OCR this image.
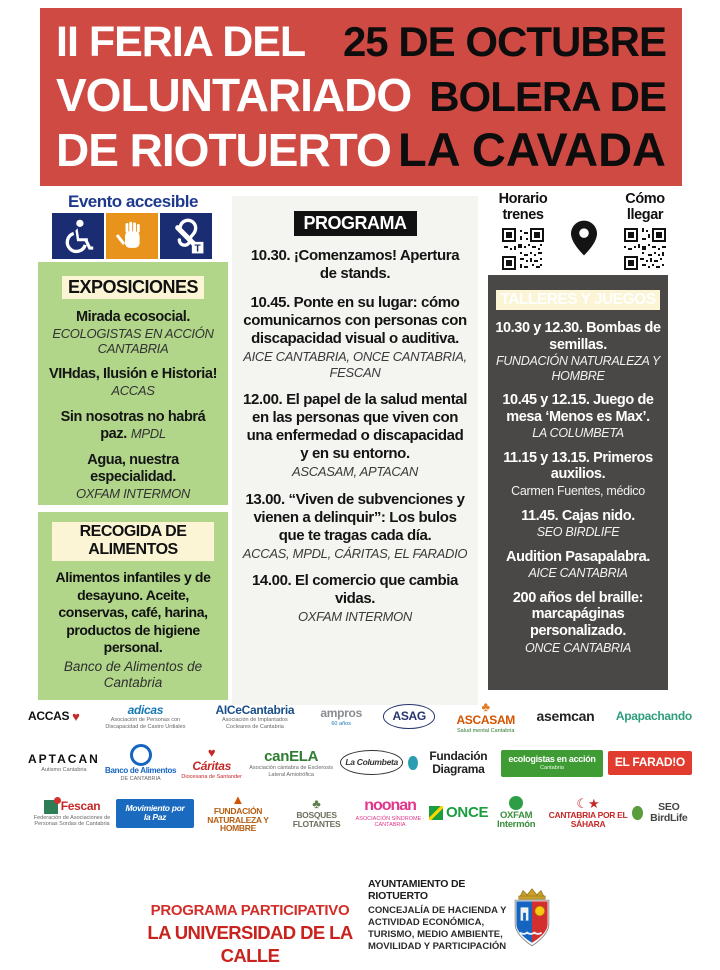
II FERIA DEL 25 DE OCTUBRE
VOLUNTARIADO BOLERA DE
DE RIOTUERTO LA CAVADA
Evento accesible
T
EXPOSICIONES
Mirada ecosocial.
ECOLOGISTAS EN ACCIÓN CANTABRIA
VIHdas, Ilusión e Historia! ACCAS
Sin nosotras no habrá paz. MPDL
Agua, nuestra especialidad.
OXFAM INTERMON
RECOGIDA DE ALIMENTOS
Alimentos infantiles y de desayuno. Aceite, conservas, café, harina, productos de higiene personal.
Banco de Alimentos de Cantabria
PROGRAMA
10.30. ¡Comenzamos! Apertura de stands.
10.45. Ponte en su lugar: cómo comunicarnos con personas con discapacidad visual o auditiva.
AICE CANTABRIA, ONCE CANTABRIA, FESCAN
12.00. El papel de la salud mental en las personas que viven con una enfermedad o discapacidad y en su entorno.
ASCASAM, APTACAN
13.00. “Viven de subvenciones y vienen a delinquir”: Los bulos que te tragas cada día.
ACCAS, MPDL, CÁRITAS, EL FARADIO
14.00. El comercio que cambia vidas.
OXFAM INTERMON
Horario trenes
Cómo llegar
TALLERES Y JUEGOS
10.30 y 12.30. Bombas de semillas.
FUNDACIÓN NATURALEZA Y HOMBRE
10.45 y 12.15. Juego de mesa ‘Menos es Max’.
LA COLUMBETA
11.15 y 13.15. Primeros auxilios.
Carmen Fuentes, médico
11.45. Cajas nido.
SEO BIRDLIFE
Audition Pasapalabra.
AICE CANTABRIA
200 años del braille: marcapáginas personalizado.
ONCE CANTABRIA
ACCAS ♥	adicas
Asociación de Personas con Discapacidad de Castro Urdiales
AICeCantabria
Asociación de Implantados Cocleares de Cantabria
ampros
60 años
ASAG
♣
ASCASAM
Salud mental Cantabria
asemcan Apapachando
APTACAN
Autismo Cantabria Banco de Alimentos
DE CANTABRIA
♥
Cáritas
Diocesana de Santander
canELA
Asociación cántabra de Esclerosis Lateral Amiotrófica
La Columbeta	Fundación Diagrama
ecologistas en acción
Cantabria	EL FARAD!O
Fescan
Federación de Asociaciones de Personas Sordas de Cantabria
Movimiento por la Paz
▲
FUNDACIÓN NATURALEZA Y HOMBRE
♣
BOSQUES FLOTANTES
noonan
ASOCIACIÓN SÍNDROME · CANTABRIA
ONCE	OXFAM Intermón
☾★
CANTABRIA POR EL SÁHARA
SEO BirdLife
PROGRAMA PARTICIPATIVO
LA UNIVERSIDAD DE LA CALLE
AYUNTAMIENTO DE RIOTUERTO
CONCEJALÍA DE HACIENDA Y ACTIVIDAD ECONÓMICA, TURISMO, MEDIO AMBIENTE, MOVILIDAD Y PARTICIPACIÓN
